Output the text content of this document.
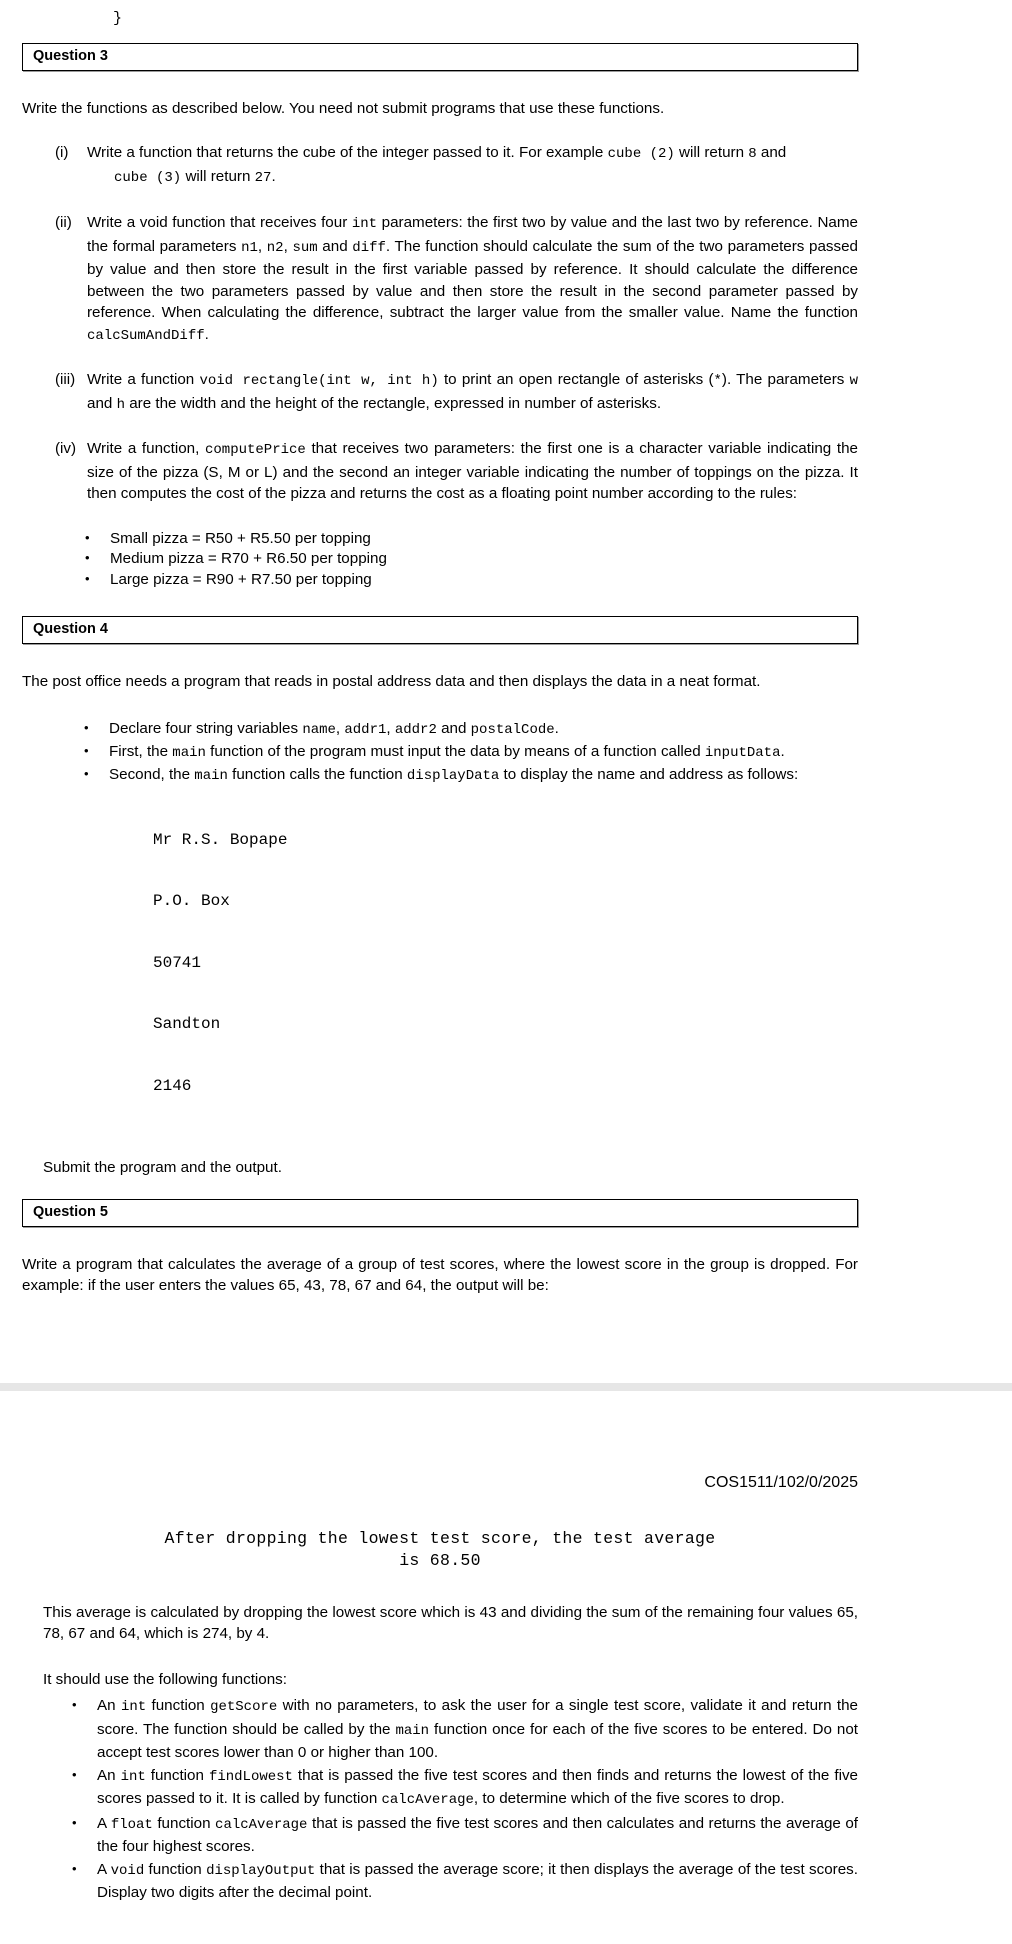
}
Question 3

Write the functions as described below. You need not submit programs that use these functions.

(i)	Write a function that returns the cube of the integer passed to it. For example cube (2) will return 8 and
cube (3) will return 27.
(ii) Write a void function that receives four int parameters: the first two by value and the last two by reference. Name the formal parameters n1, n2, sum and diff. The function should calculate the sum of the two parameters passed by value and then store the result in the first variable passed by reference. It should calculate the difference between the two parameters passed by value and then store the result in the second parameter passed by reference. When calculating the difference, subtract the larger value from the smaller value. Name the function calcSumAndDiff.
(iii) Write a function void rectangle(int w, int h) to print an open rectangle of asterisks (*). The parameters w and h are the width and the height of the rectangle, expressed in number of asterisks.
(iv) Write a function, computePrice that receives two parameters: the first one is a character variable indicating the size of the pizza (S, M or L) and the second an integer variable indicating the number of toppings on the pizza. It then computes the cost of the pizza and returns the cost as a floating point number according to the rules:
• Small pizza = R50 + R5.50 per topping
• Medium pizza = R70 + R6.50 per topping
• Large pizza = R90 + R7.50 per topping
Question 4

The post office needs a program that reads in postal address data and then displays the data in a neat format.

• Declare four string variables name, addr1, addr2 and postalCode.
• First, the main function of the program must input the data by means of a function called inputData.
• Second, the main function calls the function displayData to display the name and address as follows:

Mr R.S. Bopape

P.O. Box

50741

Sandton

2146

Submit the program and the output.

Question 5

Write a program that calculates the average of a group of test scores, where the lowest score in the group is dropped. For example: if the user enters the values 65, 43, 78, 67 and 64, the output will be:

COS1511/102/0/2025
After dropping the lowest test score, the test average
is 68.50

This average is calculated by dropping the lowest score which is 43 and dividing the sum of the remaining four values 65, 78, 67 and 64, which is 274, by 4.

It should use the following functions:

• An int function getScore with no parameters, to ask the user for a single test score, validate it and return the score. The function should be called by the main function once for each of the five scores to be entered. Do not accept test scores lower than 0 or higher than 100.
• An int function findLowest that is passed the five test scores and then finds and returns the lowest of the five scores passed to it. It is called by function calcAverage, to determine which of the five scores to drop.
• A float function calcAverage that is passed the five test scores and then calculates and returns the average of the four highest scores.
• A void function displayOutput that is passed the average score; it then displays the average of the test scores. Display two digits after the decimal point.
